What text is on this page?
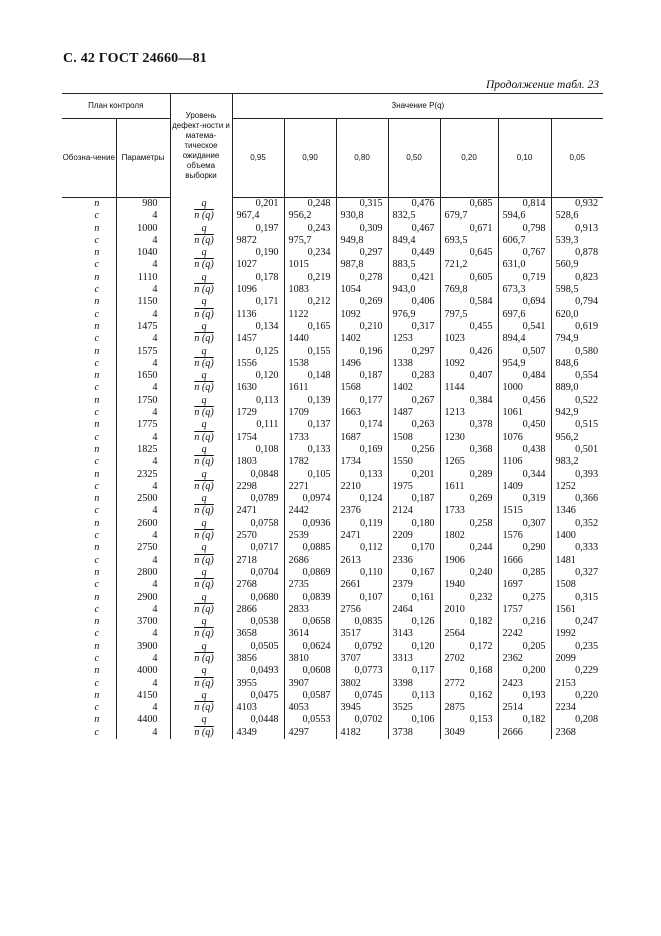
С. 42 ГОСТ 24660—81
Продолжение табл. 23
План контроля		Уровень дефект-ности и матема-тическое ожидание объема выборки	Значение P(q)						
Обозна-чение	Параметры		0,95	0,90	0,80	0,50	0,20	0,10	0,05
n	980	q	0,201	0,248	0,315	0,476	0,685	0,814	0,932
c	4	n (q)	967,4	956,2	930,8	832,5	679,7	594,6	528,6
n	1000	q	0,197	0,243	0,309	0,467	0,671	0,798	0,913
c	4	n (q)	9872	975,7	949,8	849,4	693,5	606,7	539,3
n	1040	q	0,190	0,234	0,297	0,449	0,645	0,767	0,878
c	4	n (q)	1027	1015	987,8	883,5	721,2	631,0	560,9
n	1110	q	0,178	0,219	0,278	0,421	0,605	0,719	0,823
c	4	n (q)	1096	1083	1054	943,0	769,8	673,3	598,5
n	1150	q	0,171	0,212	0,269	0,406	0,584	0,694	0,794
c	4	n (q)	1136	1122	1092	976,9	797,5	697,6	620,0
n	1475	q	0,134	0,165	0,210	0,317	0,455	0,541	0,619
c	4	n (q)	1457	1440	1402	1253	1023	894,4	794,9
n	1575	q	0,125	0,155	0,196	0,297	0,426	0,507	0,580
c	4	n (q)	1556	1538	1496	1338	1092	954,9	848,6
n	1650	q	0,120	0,148	0,187	0,283	0,407	0,484	0,554
c	4	n (q)	1630	1611	1568	1402	1144	1000	889,0
n	1750	q	0,113	0,139	0,177	0,267	0,384	0,456	0,522
c	4	n (q)	1729	1709	1663	1487	1213	1061	942,9
n	1775	q	0,111	0,137	0,174	0,263	0,378	0,450	0,515
c	4	n (q)	1754	1733	1687	1508	1230	1076	956,2
n	1825	q	0,108	0,133	0,169	0,256	0,368	0,438	0,501
c	4	n (q)	1803	1782	1734	1550	1265	1106	983,2
n	2325	q	0,0848	0,105	0,133	0,201	0,289	0,344	0,393
c	4	n (q)	2298	2271	2210	1975	1611	1409	1252
n	2500	q	0,0789	0,0974	0,124	0,187	0,269	0,319	0,366
c	4	n (q)	2471	2442	2376	2124	1733	1515	1346
n	2600	q	0,0758	0,0936	0,119	0,180	0,258	0,307	0,352
c	4	n (q)	2570	2539	2471	2209	1802	1576	1400
n	2750	q	0,0717	0,0885	0,112	0,170	0,244	0,290	0,333
c	4	n (q)	2718	2686	2613	2336	1906	1666	1481
n	2800	q	0,0704	0,0869	0,110	0,167	0,240	0,285	0,327
c	4	n (q)	2768	2735	2661	2379	1940	1697	1508
n	2900	q	0,0680	0,0839	0,107	0,161	0,232	0,275	0,315
c	4	n (q)	2866	2833	2756	2464	2010	1757	1561
n	3700	q	0,0538	0,0658	0,0835	0,126	0,182	0,216	0,247
c	4	n (q)	3658	3614	3517	3143	2564	2242	1992
n	3900	q	0,0505	0,0624	0,0792	0,120	0,172	0,205	0,235
c	4	n (q)	3856	3810	3707	3313	2702	2362	2099
n	4000	q	0,0493	0,0608	0,0773	0,117	0,168	0,200	0,229
c	4	n (q)	3955	3907	3802	3398	2772	2423	2153
n	4150	q	0,0475	0,0587	0,0745	0,113	0,162	0,193	0,220
c	4	n (q)	4103	4053	3945	3525	2875	2514	2234
n	4400	q	0,0448	0,0553	0,0702	0,106	0,153	0,182	0,208
c	4	n (q)	4349	4297	4182	3738	3049	2666	2368
